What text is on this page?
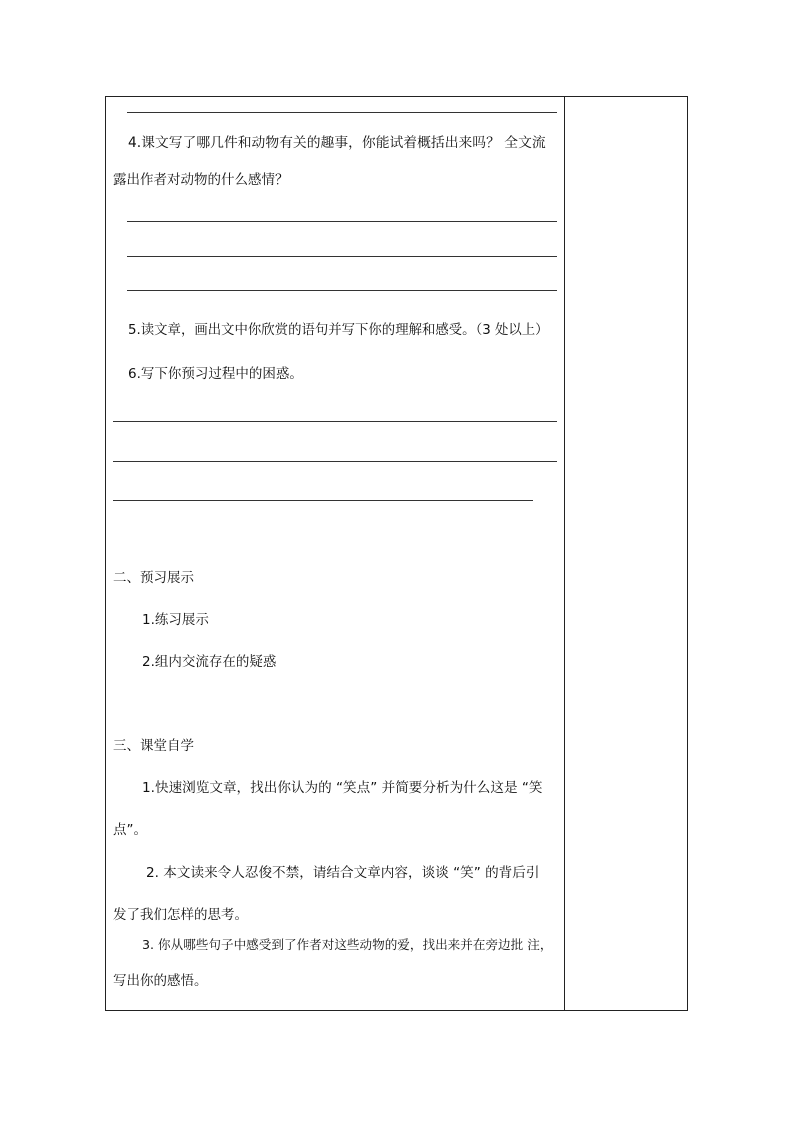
4.课文写了哪几件和动物有关的趣事，你能试着概括出来吗？ 全文流
露出作者对动物的什么感情？
5.读文章，画出文中你欣赏的语句并写下你的理解和感受。（3 处以上）
6.写下你预习过程中的困惑。
二、预习展示
1.练习展示
2.组内交流存在的疑惑
三、课堂自学
1.快速浏览文章，找出你认为的 “笑点” 并简要分析为什么这是 “笑
点”。
2. 本文读来令人忍俊不禁，请结合文章内容，谈谈 “笑” 的背后引
发了我们怎样的思考。
3. 你从哪些句子中感受到了作者对这些动物的爱，找出来并在旁边批 注，
写出你的感悟。
